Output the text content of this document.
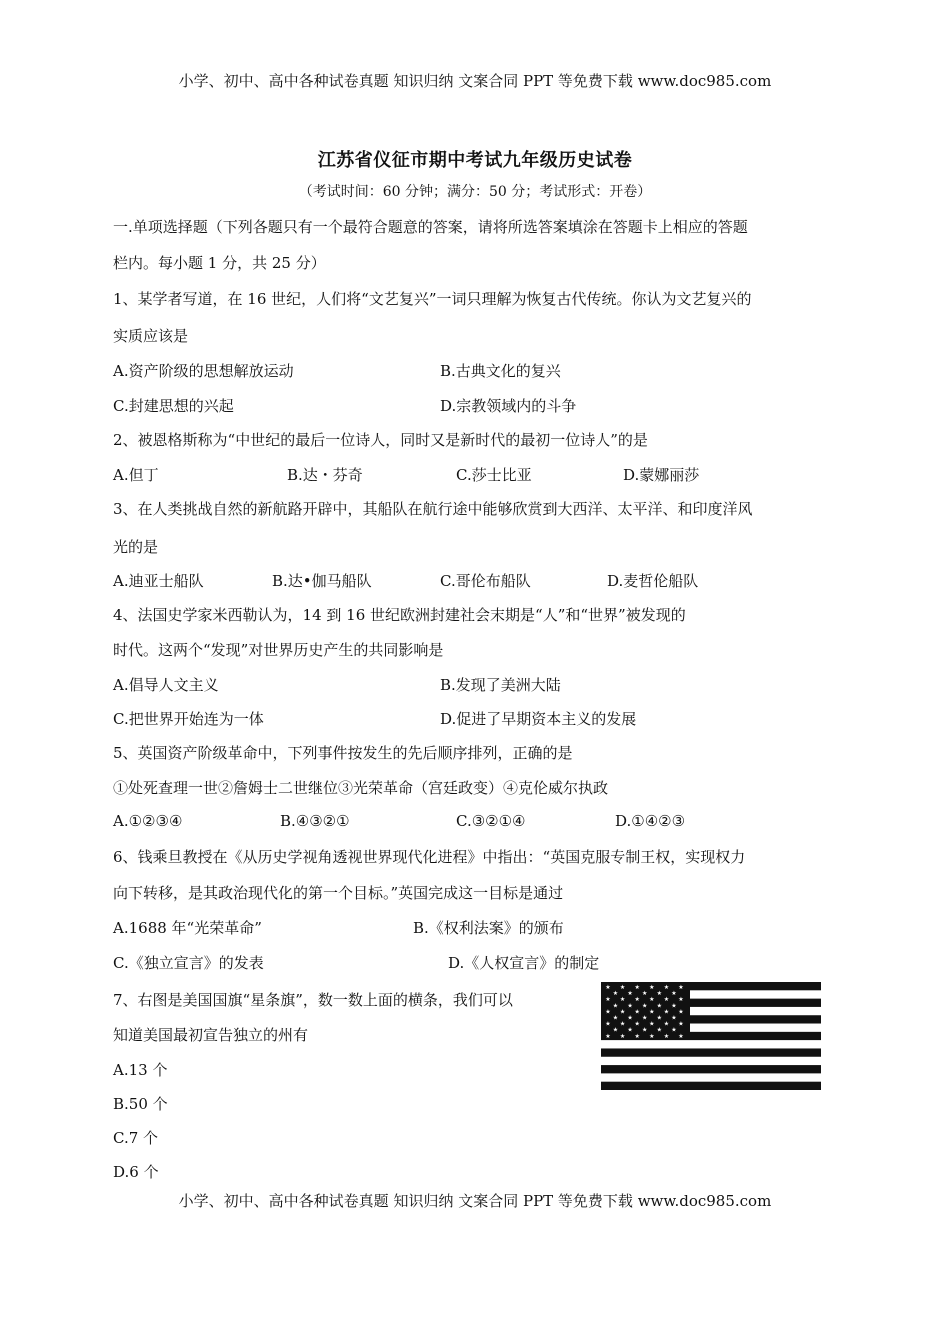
小学、初中、高中各种试卷真题 知识归纳 文案合同 PPT 等免费下载 www.doc985.com
江苏省仪征市期中考试九年级历史试卷
（考试时间：60 分钟；满分：50 分；考试形式：开卷）
一.单项选择题（下列各题只有一个最符合题意的答案，请将所选答案填涂在答题卡上相应的答题
栏内。每小题 1 分，共 25 分）
1、某学者写道，在 16 世纪，人们将“文艺复兴”一词只理解为恢复古代传统。你认为文艺复兴的
实质应该是
A.资产阶级的思想解放运动	B.古典文化的复兴
C.封建思想的兴起	D.宗教领域内的斗争
2、被恩格斯称为“中世纪的最后一位诗人，同时又是新时代的最初一位诗人”的是
A.但丁	B.达・芬奇	C.莎士比亚	D.蒙娜丽莎
3、在人类挑战自然的新航路开辟中，其船队在航行途中能够欣赏到大西洋、太平洋、和印度洋风
光的是
A.迪亚士船队	B.达•伽马船队	C.哥伦布船队	D.麦哲伦船队
4、法国史学家米西勒认为，14 到 16 世纪欧洲封建社会末期是“人”和“世界”被发现的
时代。这两个“发现”对世界历史产生的共同影响是
A.倡导人文主义	B.发现了美洲大陆
C.把世界开始连为一体	D.促进了早期资本主义的发展
5、英国资产阶级革命中，下列事件按发生的先后顺序排列，正确的是
①处死查理一世②詹姆士二世继位③光荣革命（宫廷政变）④克伦威尔执政
A.①②③④	B.④③②①	C.③②①④	D.①④②③
6、钱乘旦教授在《从历史学视角透视世界现代化进程》中指出：“英国克服专制王权，实现权力
向下转移，是其政治现代化的第一个目标。”英国完成这一目标是通过
A.1688 年“光荣革命”	B.《权利法案》的颁布
C.《独立宣言》的发表	D.《人权宣言》的制定
7、右图是美国国旗“星条旗”，数一数上面的横条，我们可以
知道美国最初宣告独立的州有
A.13 个
B.50 个
C.7 个
D.6 个
★ ★ ★ ★ ★ ★
★ ★ ★ ★ ★
★ ★ ★ ★ ★ ★
★ ★ ★ ★ ★
★ ★ ★ ★ ★ ★
★ ★ ★ ★ ★
★ ★ ★ ★ ★ ★
★ ★ ★ ★ ★
★ ★ ★ ★ ★ ★
小学、初中、高中各种试卷真题 知识归纳 文案合同 PPT 等免费下载 www.doc985.com
